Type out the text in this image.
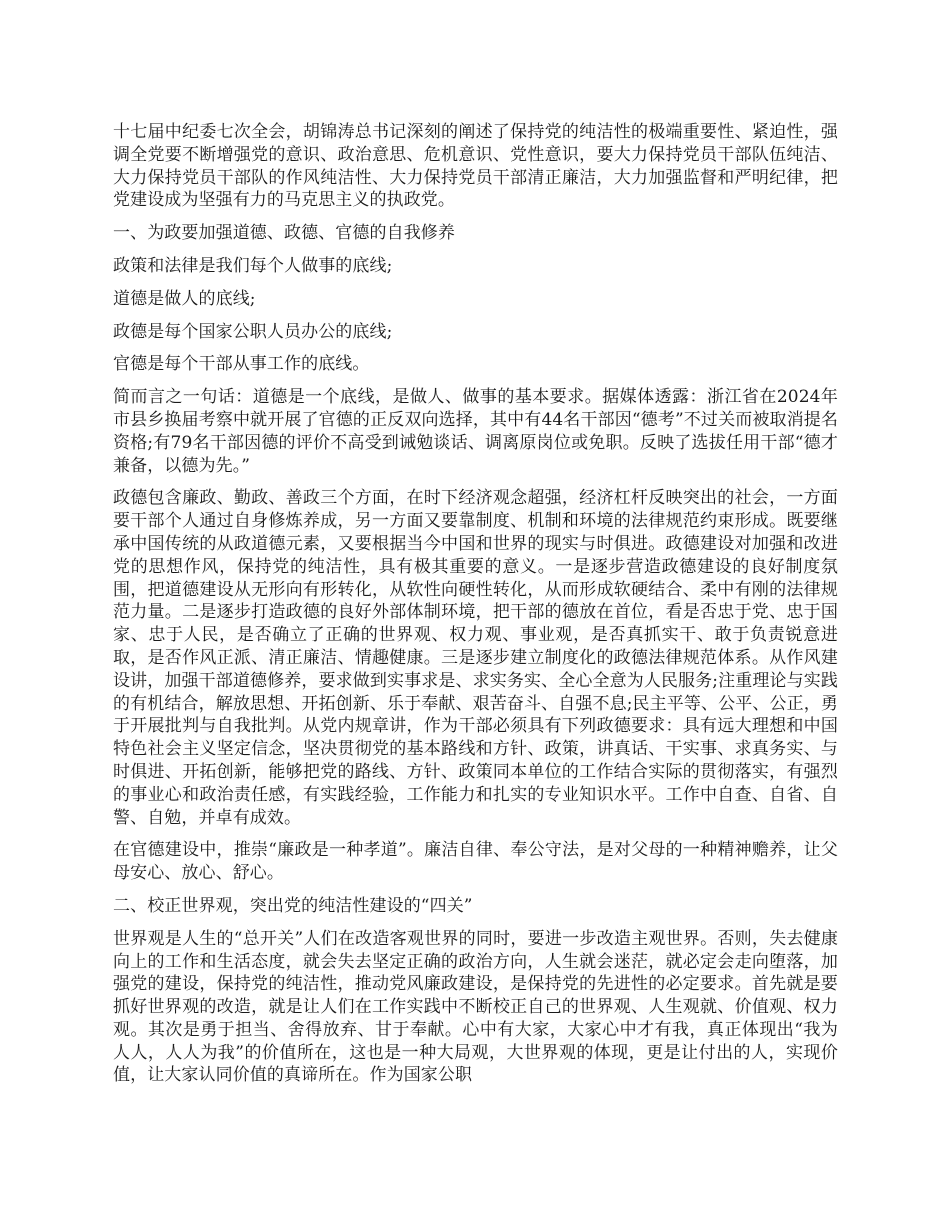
十七届中纪委七次全会，胡锦涛总书记深刻的阐述了保持党的纯洁性的极端重要性、紧迫性，强调全党要不断增强党的意识、政治意思、危机意识、党性意识，要大力保持党员干部队伍纯洁、大力保持党员干部队的作风纯洁性、大力保持党员干部清正廉洁，大力加强监督和严明纪律，把党建设成为坚强有力的马克思主义的执政党。

一、为政要加强道德、政德、官德的自我修养

政策和法律是我们每个人做事的底线;

道德是做人的底线;

政德是每个国家公职人员办公的底线;

官德是每个干部从事工作的底线。

简而言之一句话：道德是一个底线，是做人、做事的基本要求。据媒体透露：浙江省在2024年市县乡换届考察中就开展了官德的正反双向选择，其中有44名干部因“德考”不过关而被取消提名资格;有79名干部因德的评价不高受到诫勉谈话、调离原岗位或免职。反映了选拔任用干部“德才兼备，以德为先。”

政德包含廉政、勤政、善政三个方面，在时下经济观念超强，经济杠杆反映突出的社会，一方面要干部个人通过自身修炼养成，另一方面又要靠制度、机制和环境的法律规范约束形成。既要继承中国传统的从政道德元素，又要根据当今中国和世界的现实与时俱进。政德建设对加强和改进党的思想作风，保持党的纯洁性，具有极其重要的意义。一是逐步营造政德建设的良好制度氛围，把道德建设从无形向有形转化，从软性向硬性转化，从而形成软硬结合、柔中有刚的法律规范力量。二是逐步打造政德的良好外部体制环境，把干部的德放在首位，看是否忠于党、忠于国家、忠于人民，是否确立了正确的世界观、权力观、事业观，是否真抓实干、敢于负责锐意进取，是否作风正派、清正廉洁、情趣健康。三是逐步建立制度化的政德法律规范体系。从作风建设讲，加强干部道德修养，要求做到实事求是、求实务实、全心全意为人民服务;注重理论与实践的有机结合，解放思想、开拓创新、乐于奉献、艰苦奋斗、自强不息;民主平等、公平、公正，勇于开展批判与自我批判。从党内规章讲，作为干部必须具有下列政德要求：具有远大理想和中国特色社会主义坚定信念，坚决贯彻党的基本路线和方针、政策，讲真话、干实事、求真务实、与时俱进、开拓创新，能够把党的路线、方针、政策同本单位的工作结合实际的贯彻落实，有强烈的事业心和政治责任感，有实践经验，工作能力和扎实的专业知识水平。工作中自查、自省、自警、自勉，并卓有成效。

在官德建设中，推崇“廉政是一种孝道”。廉洁自律、奉公守法，是对父母的一种精神赡养，让父母安心、放心、舒心。

二、校正世界观，突出党的纯洁性建设的“四关”

世界观是人生的“总开关”人们在改造客观世界的同时，要进一步改造主观世界。否则，失去健康向上的工作和生活态度，就会失去坚定正确的政治方向，人生就会迷茫，就必定会走向堕落，加强党的建设，保持党的纯洁性，推动党风廉政建设，是保持党的先进性的必定要求。首先就是要抓好世界观的改造，就是让人们在工作实践中不断校正自己的世界观、人生观就、价值观、权力观。其次是勇于担当、舍得放弃、甘于奉献。心中有大家，大家心中才有我，真正体现出“我为人人，人人为我”的价值所在，这也是一种大局观，大世界观的体现，更是让付出的人，实现价值，让大家认同价值的真谛所在。作为国家公职
